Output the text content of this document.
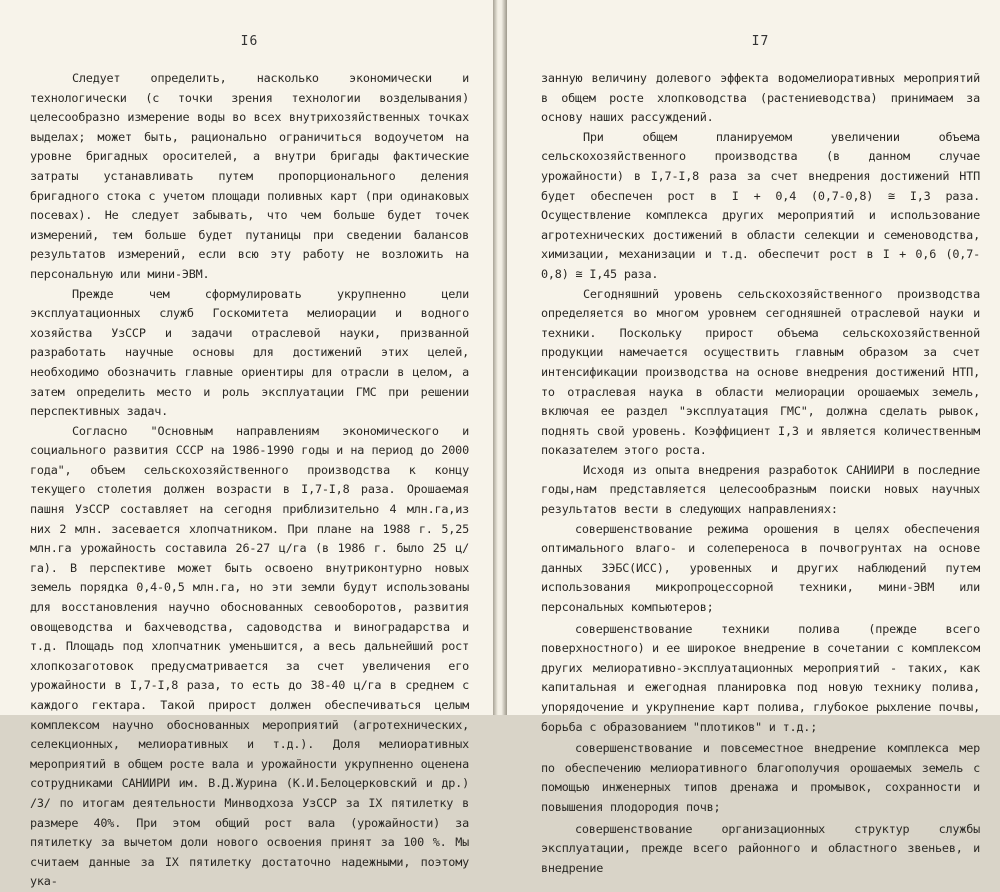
I6

Следует определить, насколько экономически и технологически (с точки зрения технологии возделывания) целесообразно измерение воды во всех внутрихозяйственных точках выделах; может быть, рационально ограничиться водоучетом на уровне бригадных оросителей, а внутри бригады фактические затраты устанавливать путем пропорционального деления бригадного стока с учетом площади поливных карт (при одинаковых посевах). Не следует забывать, что чем больше будет точек измерений, тем больше будет путаницы при сведении балансов результатов измерений, если всю эту работу не возложить на персональную или мини-ЭВМ.

Прежде чем сформулировать укрупненно цели эксплуатационных служб Госкомитета мелиорации и водного хозяйства УзССР и задачи отраслевой науки, призванной разработать научные основы для достижений этих целей, необходимо обозначить главные ориентиры для отрасли в целом, а затем определить место и роль эксплуатации ГМС при решении перспективных задач.

Согласно "Основным направлениям экономического и социального развития СССР на 1986-1990 годы и на период до 2000 года", объем сельскохозяйственного производства к концу текущего столетия должен возрасти в I,7-I,8 раза. Орошаемая пашня УзССР составляет на сегодня приблизительно 4 млн.га,из них 2 млн. засевается хлопчатником. При плане на 1988 г. 5,25 млн.га урожайность составила 26-27 ц/га (в 1986 г. было 25 ц/га). В перспективе может быть освоено внутриконтурно новых земель порядка 0,4-0,5 млн.га, но эти земли будут использованы для восстановления научно обоснованных севооборотов, развития овощеводства и бахчеводства, садоводства и виноградарства и т.д. Площадь под хлопчатник уменьшится, а весь дальнейший рост хлопкозаготовок предусматривается за счет увеличения его урожайности в I,7-I,8 раза, то есть до 38-40 ц/га в среднем с каждого гектара. Такой прирост должен обеспечиваться целым комплексом научно обоснованных мероприятий (агротехнических, селекционных, мелиоративных и т.д.). Доля мелиоративных мероприятий в общем росте вала и урожайности укрупненно оценена сотрудниками САНИИРИ им. В.Д.Журина (К.И.Белоцерковский и др.) /3/ по итогам деятельности Минводхоза УзССР за IX пятилетку в размере 40%. При этом общий рост вала (урожайности) за пятилетку за вычетом доли нового освоения принят за 100 %. Мы считаем данные за IX пятилетку достаточно надежными, поэтому ука-

I7

занную величину долевого эффекта водомелиоративных мероприятий в общем росте хлопководства (растениеводства) принимаем за основу наших рассуждений.

При общем планируемом увеличении объема сельскохозяйственного производства (в данном случае урожайности) в I,7-I,8 раза за счет внедрения достижений НТП будет обеспечен рост в I + 0,4 (0,7-0,8) ≅ I,3 раза. Осуществление комплекса других мероприятий и использование агротехнических достижений в области селекции и семеноводства, химизации, механизации и т.д. обеспечит рост в I + 0,6 (0,7-0,8) ≅ I,45 раза.

Сегодняшний уровень сельскохозяйственного производства определяется во многом уровнем сегодняшней отраслевой науки и техники. Поскольку прирост объема сельскохозяйственной продукции намечается осуществить главным образом за счет интенсификации производства на основе внедрения достижений НТП, то отраслевая наука в области мелиорации орошаемых земель, включая ее раздел "эксплуатация ГМС", должна сделать рывок, поднять свой уровень. Коэффициент I,3 и является количественным показателем этого роста.

Исходя из опыта внедрения разработок САНИИРИ в последние годы,нам представляется целесообразным поиски новых научных результатов вести в следующих направлениях:

совершенствование режима орошения в целях обеспечения оптимального влаго- и солепереноса в почвогрунтах на основе данных ЗЭБС(ИСС), уровенных и других наблюдений путем использования микропроцессорной техники, мини-ЭВМ или персональных компьютеров;

совершенствование техники полива (прежде всего поверхностного) и ее широкое внедрение в сочетании с комплексом других мелиоративно-эксплуатационных мероприятий - таких, как капитальная и ежегодная планировка под новую технику полива, упорядочение и укрупнение карт полива, глубокое рыхление почвы, борьба с образованием "плотиков" и т.д.;

совершенствование и повсеместное внедрение комплекса мер по обеспечению мелиоративного благополучия орошаемых земель с помощью инженерных типов дренажа и промывок, сохранности и повышения плодородия почв;

совершенствование организационных структур службы эксплуатации, прежде всего районного и областного звеньев, и внедрение
